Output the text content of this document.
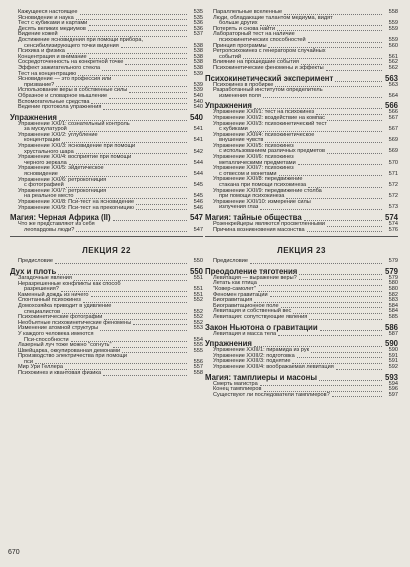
Кажущееся настоящее	535
Ясновидение и наука	535
Тест с кубиками и картами	536
Десять великих медиумов	536
Видение кожей	537
Достижение ясновидения при помощи прибора,
сенсибилизирующего точки видения	538
Психика и физика	538
Концентрация и внимание	538
Сосредоточенность на конкретной точке	538
Эффект зажигательного стекла	538
Тест на концентрацию	539
Ясновидение — это профессия или
призвание?	539
Использование веры в собственные силы	539
Образное и словарное мышление	540
Вспомогательные средства	540
Ведение протокола упражнения	540
Упражнения	540
Упражнение XXI/1: сознательный контроль
за мускулатурой	541
Упражнение XXI/2: углубление
концентрации	541
Упражнение XXI/3: ясновидение при помощи
хрустального шара	542
Упражнение XXI/4: восприятие при помощи
черного зеркала	544
Упражнение XXI/5: эйдетическое
ясновидение	544
Упражнение XXI/6: ретрокогниция
с фотографией	545
Упражнение XXI/7: ретрокогниция
на реальное место	545
Упражнение XXI/8: Пси-тест на ясновидение	546
Упражнение XXI/9: Пси-тест на прекогницию	546
Магия: Черная Африка (II)	547
Что же представляют из себя
леопардовы люди?	547
ЛЕКЦИЯ 22
Предисловие	550
Дух и плоть	550
Загадочные явления	551
Неразрешенные конфликты как способ
разрешения?	551
Каменный дождь из ничего	551
Спонтанный психокинез	552
Домохозяйка приводит в удивление
специалистов	552
Психокинетические фотографии	552
Необъятные психокинетические феномены	552
Изменение атомной структуры	553
У каждого человека имеются
Пси-способности	554
Лазерный луч тоже можно "согнуть"	555
Швейцарка, оккупированная демонами	555
Производство электричества при помощи
пси	556
Мир Ури Геллера	557
Психокинез и квантовая физика	558
Параллельные вселенные	558
Люди, обладающие талантом медиума, видят
больше других	559
Потерять и снова найти	559
Лабораторный тест на наличие
психокинетических способностей	559
Принцип программы	560
Ретропсихокинез с генератором случайных
событий	561
Влияние на прошедшие события	562
Психокинетические феномены и эффекты	562
Психокинетический эксперимент	563
Психокинез в пробирке	563
Разработанный институтом определитель
изменения поля	564
Упражнения	566
Упражнение XXII/1: тест на психокинез	566
Упражнение XXII/2: воздействие на компас	567
Упражнение XXII/3: психокинетический тест
с кубиками	567
Упражнение XXII/4: психокинетическое
внушение чувств	569
Упражнение XXII/5: психокинез
с использованием различных предметов	569
Упражнение XXII/6: психокинез
металлическими предметами	570
Упражнение XXII/7: психокинез
с отвесом и монетами	571
Упражнение XXII/8: передвижение
стакана при помощи психокинеза	572
Упражнение XXII/9: передвижение столба
при помощи психокинеза	572
Упражнение XXII/10: измерение силы
излучения глаз	573
Магия: тайные общества	574
Розенкрейцеры являются просветленными	574
Причина возникновения масонства	576
ЛЕКЦИЯ 23
Предисловие	579
Преодоление тяготения	579
Левитация — выражение веры?	579
Летать как птица	580
"Ковер-самолет"	580
Феномен гравитации	582
Биогравитация	583
Биогравитационное поле	584
Левитация и собственный вес	584
Левитация: сопутствующие явления	585
Закон Ньютона о гравитации	586
Левитация и масса тела	587
Упражнения	590
Упражнение XXIII/1: пирамида из рук	590
Упражнение XXIII/2: подготовка	591
Упражнение XXIII/3: поднятие	591
Упражнение XXIII/4: воображаемая левитация	592
Магия: тамплиеры и масоны	593
Смерть магистра	594
Конец тамплиеров	596
Существуют ли последователи тамплиеров?	597
670
